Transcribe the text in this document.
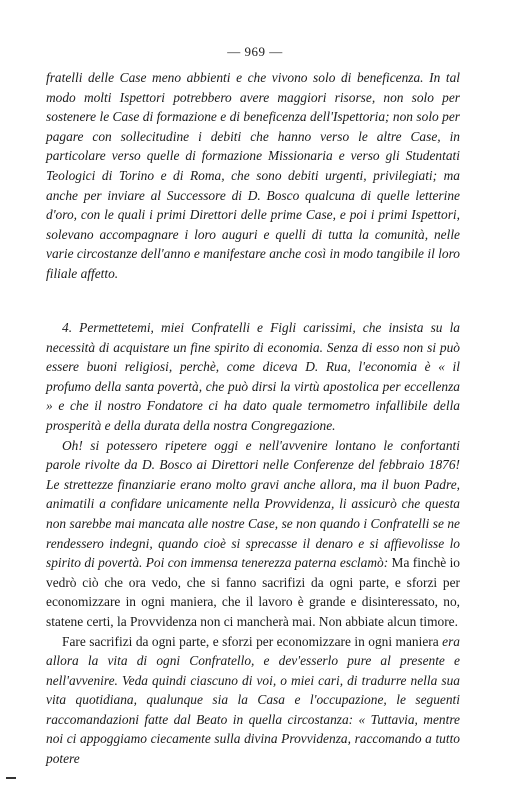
— 969 —

fratelli delle Case meno abbienti e che vivono solo di beneficenza. In tal modo molti Ispettori potrebbero avere maggiori risorse, non solo per sostenere le Case di formazione e di beneficenza dell'Ispettoria; non solo per pagare con sollecitudine i debiti che hanno verso le altre Case, in particolare verso quelle di formazione Missionaria e verso gli Studentati Teologici di Torino e di Roma, che sono debiti urgenti, privilegiati; ma anche per inviare al Successore di D. Bosco qualcuna di quelle letterine d'oro, con le quali i primi Direttori delle prime Case, e poi i primi Ispettori, solevano accompagnare i loro auguri e quelli di tutta la comunità, nelle varie circostanze dell'anno e manifestare anche così in modo tangibile il loro filiale affetto.

4. Permettetemi, miei Confratelli e Figli carissimi, che insista su la necessità di acquistare un fine spirito di economia. Senza di esso non si può essere buoni religiosi, perchè, come diceva D. Rua, l'economia è « il profumo della santa povertà, che può dirsi la virtù apostolica per eccellenza » e che il nostro Fondatore ci ha dato quale termometro infallibile della prosperità e della durata della nostra Congregazione.

Oh! si potessero ripetere oggi e nell'avvenire lontano le confortanti parole rivolte da D. Bosco ai Direttori nelle Conferenze del febbraio 1876! Le strettezze finanziarie erano molto gravi anche allora, ma il buon Padre, animatili a confidare unicamente nella Provvidenza, li assicurò che questa non sarebbe mai mancata alle nostre Case, se non quando i Confratelli se ne rendessero indegni, quando cioè si sprecasse il denaro e si affievolisse lo spirito di povertà. Poi con immensa tenerezza paterna esclamò: Ma finchè io vedrò ciò che ora vedo, che si fanno sacrifizi da ogni parte, e sforzi per economizzare in ogni maniera, che il lavoro è grande e disinteressato, no, statene certi, la Provvidenza non ci mancherà mai. Non abbiate alcun timore.

Fare sacrifizi da ogni parte, e sforzi per economizzare in ogni maniera era allora la vita di ogni Confratello, e dev'esserlo pure al presente e nell'avvenire. Veda quindi ciascuno di voi, o miei cari, di tradurre nella sua vita quotidiana, qualunque sia la Casa e l'occupazione, le seguenti raccomandazioni fatte dal Beato in quella circostanza: « Tuttavia, mentre noi ci appoggiamo ciecamente sulla divina Provvidenza, raccomando a tutto potere
